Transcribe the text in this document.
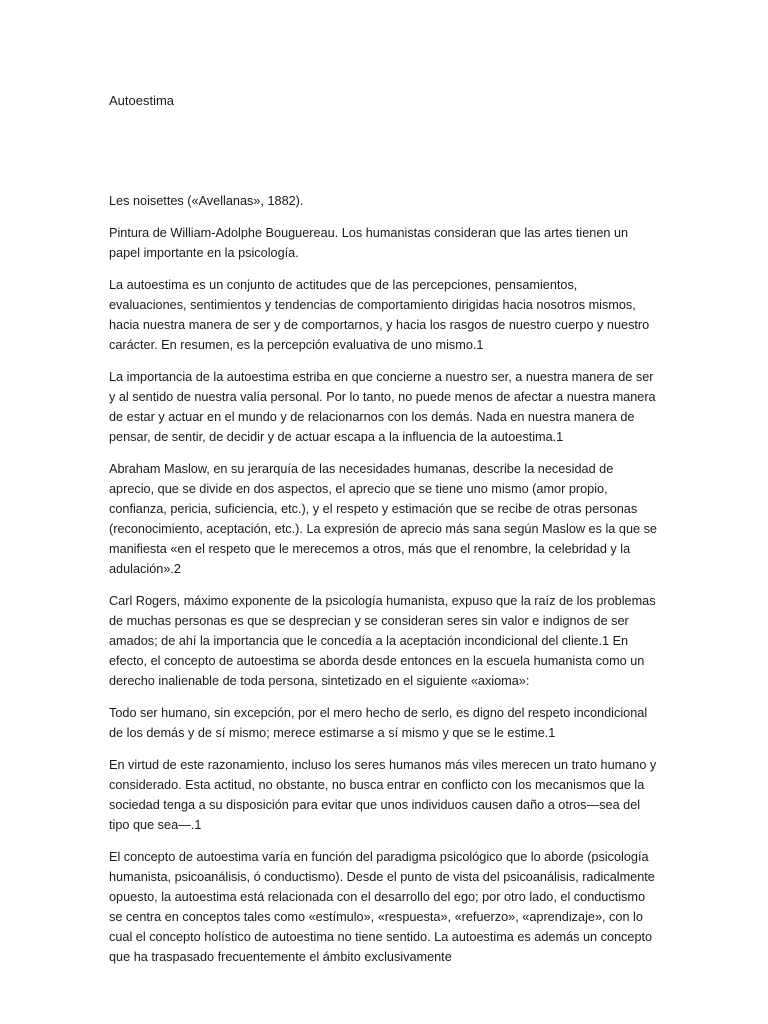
Autoestima

Les noisettes («Avellanas», 1882).

Pintura de William-Adolphe Bouguereau. Los humanistas consideran que las artes tienen un papel importante en la psicología.

La autoestima es un conjunto de actitudes que de las percepciones, pensamientos, evaluaciones, sentimientos y tendencias de comportamiento dirigidas hacia nosotros mismos, hacia nuestra manera de ser y de comportarnos, y hacia los rasgos de nuestro cuerpo y nuestro carácter. En resumen, es la percepción evaluativa de uno mismo.1

La importancia de la autoestima estriba en que concierne a nuestro ser, a nuestra manera de ser y al sentido de nuestra valía personal. Por lo tanto, no puede menos de afectar a nuestra manera de estar y actuar en el mundo y de relacionarnos con los demás. Nada en nuestra manera de pensar, de sentir, de decidir y de actuar escapa a la influencia de la autoestima.1

Abraham Maslow, en su jerarquía de las necesidades humanas, describe la necesidad de aprecio, que se divide en dos aspectos, el aprecio que se tiene uno mismo (amor propio, confianza, pericia, suficiencia, etc.), y el respeto y estimación que se recibe de otras personas (reconocimiento, aceptación, etc.). La expresión de aprecio más sana según Maslow es la que se manifiesta «en el respeto que le merecemos a otros, más que el renombre, la celebridad y la adulación».2

Carl Rogers, máximo exponente de la psicología humanista, expuso que la raíz de los problemas de muchas personas es que se desprecian y se consideran seres sin valor e indignos de ser amados; de ahí la importancia que le concedía a la aceptación incondicional del cliente.1 En efecto, el concepto de autoestima se aborda desde entonces en la escuela humanista como un derecho inalienable de toda persona, sintetizado en el siguiente «axioma»:

Todo ser humano, sin excepción, por el mero hecho de serlo, es digno del respeto incondicional de los demás y de sí mismo; merece estimarse a sí mismo y que se le estime.1

En virtud de este razonamiento, incluso los seres humanos más viles merecen un trato humano y considerado. Esta actitud, no obstante, no busca entrar en conflicto con los mecanismos que la sociedad tenga a su disposición para evitar que unos individuos causen daño a otros—sea del tipo que sea—.1

El concepto de autoestima varía en función del paradigma psicológico que lo aborde (psicología humanista, psicoanálisis, ó conductismo). Desde el punto de vista del psicoanálisis, radicalmente opuesto, la autoestima está relacionada con el desarrollo del ego; por otro lado, el conductismo se centra en conceptos tales como «estímulo», «respuesta», «refuerzo», «aprendizaje», con lo cual el concepto holístico de autoestima no tiene sentido. La autoestima es además un concepto que ha traspasado frecuentemente el ámbito exclusivamente
